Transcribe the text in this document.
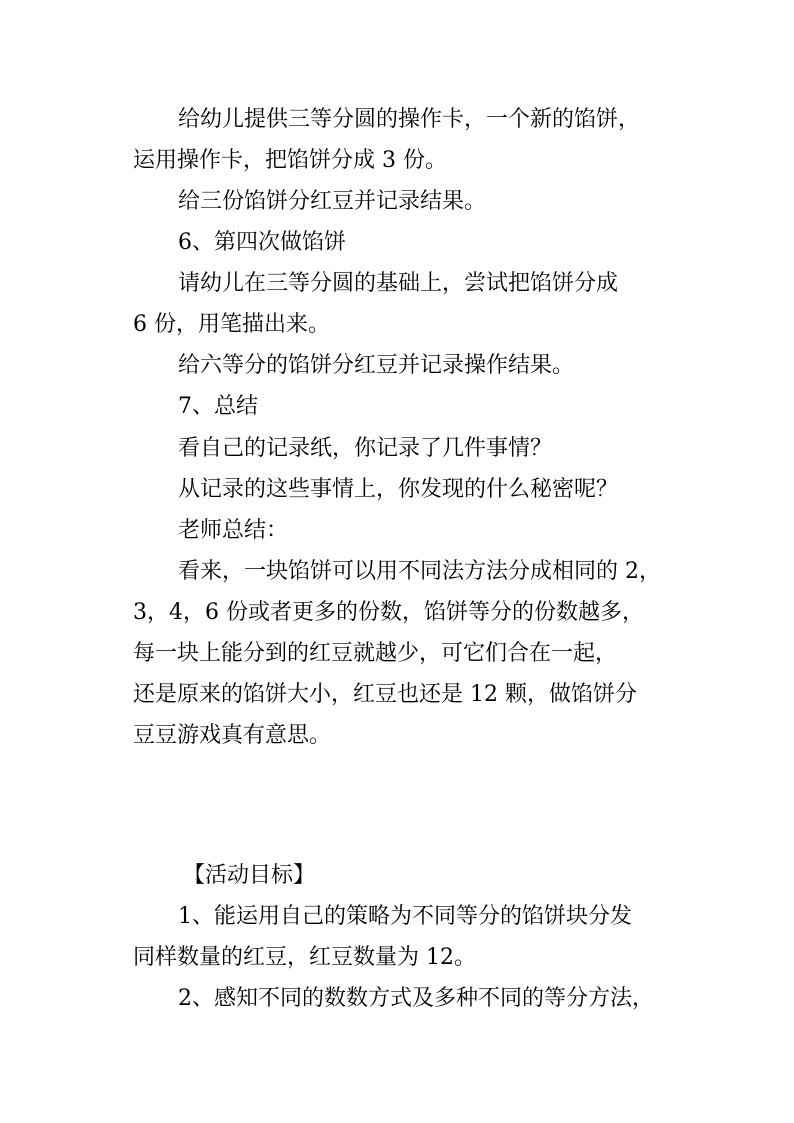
给幼儿提供三等分圆的操作卡，一个新的馅饼，
运用操作卡，把馅饼分成 3 份。
给三份馅饼分红豆并记录结果。
6、第四次做馅饼
请幼儿在三等分圆的基础上，尝试把馅饼分成
6 份，用笔描出来。
给六等分的馅饼分红豆并记录操作结果。
7、总结
看自己的记录纸，你记录了几件事情？
从记录的这些事情上，你发现的什么秘密呢？
老师总结：
看来，一块馅饼可以用不同法方法分成相同的 2，
3，4，6 份或者更多的份数，馅饼等分的份数越多，
每一块上能分到的红豆就越少，可它们合在一起，
还是原来的馅饼大小，红豆也还是 12 颗，做馅饼分
豆豆游戏真有意思。
【活动目标】
1、能运用自己的策略为不同等分的馅饼块分发
同样数量的红豆，红豆数量为 12。
2、感知不同的数数方式及多种不同的等分方法，
